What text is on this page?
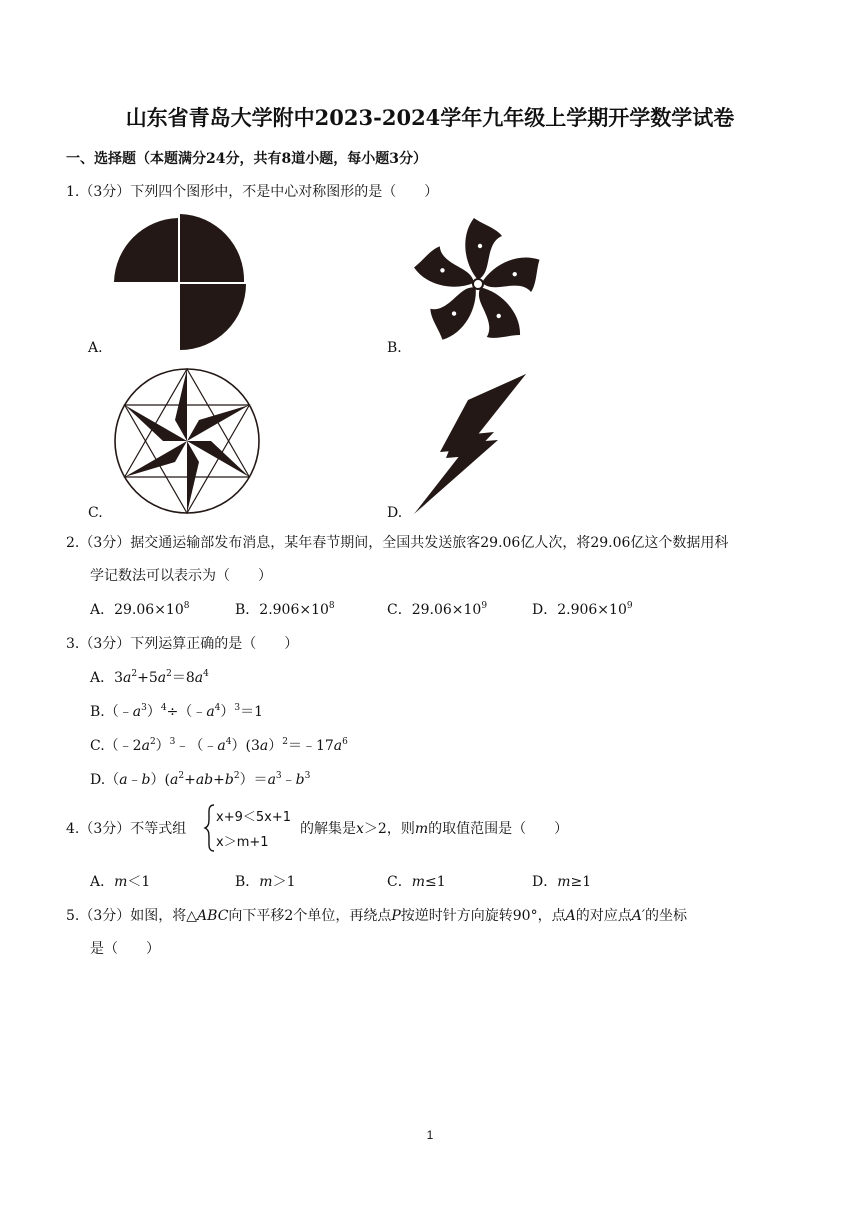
山东省青岛大学附中2023-2024学年九年级上学期开学数学试卷
一、选择题（本题满分24分，共有8道小题，每小题3分）
1.（3分）下列四个图形中，不是中心对称图形的是（　　）
A.	B.
C.	D.
2.（3分）据交通运输部发布消息，某年春节期间，全国共发送旅客29.06亿人次，将29.06亿这个数据用科
学记数法可以表示为（　　）
A．$29.06\times 10^8$	B．$2.906\times 10^8$	C．$29.06\times 10^9$	D．$2.906\times 10^9$
3.（3分）下列运算正确的是（　　）
A．$3a^2+5a^2=8a^4$
$B.(﹣a^3)^4\div(﹣a^4)^3=1$
$C.(﹣2a^2)^3﹣(﹣a^4)(3a)^2=﹣17a^6$
$D.(a﹣b)(a^2+ab+b^2)=a^3﹣b^3$
4.（3分）不等式组
x+9＜5x+1
x＞m+1
的解集是x＞2，则m的取值范围是（　　）
A．m＜1	B．m＞1	C．m≤1	D．m≥1
5.（3分）如图，将△ABC向下平移2个单位，再绕点P按逆时针方向旋转90°，点A的对应点A′的坐标
是（　　）
1
